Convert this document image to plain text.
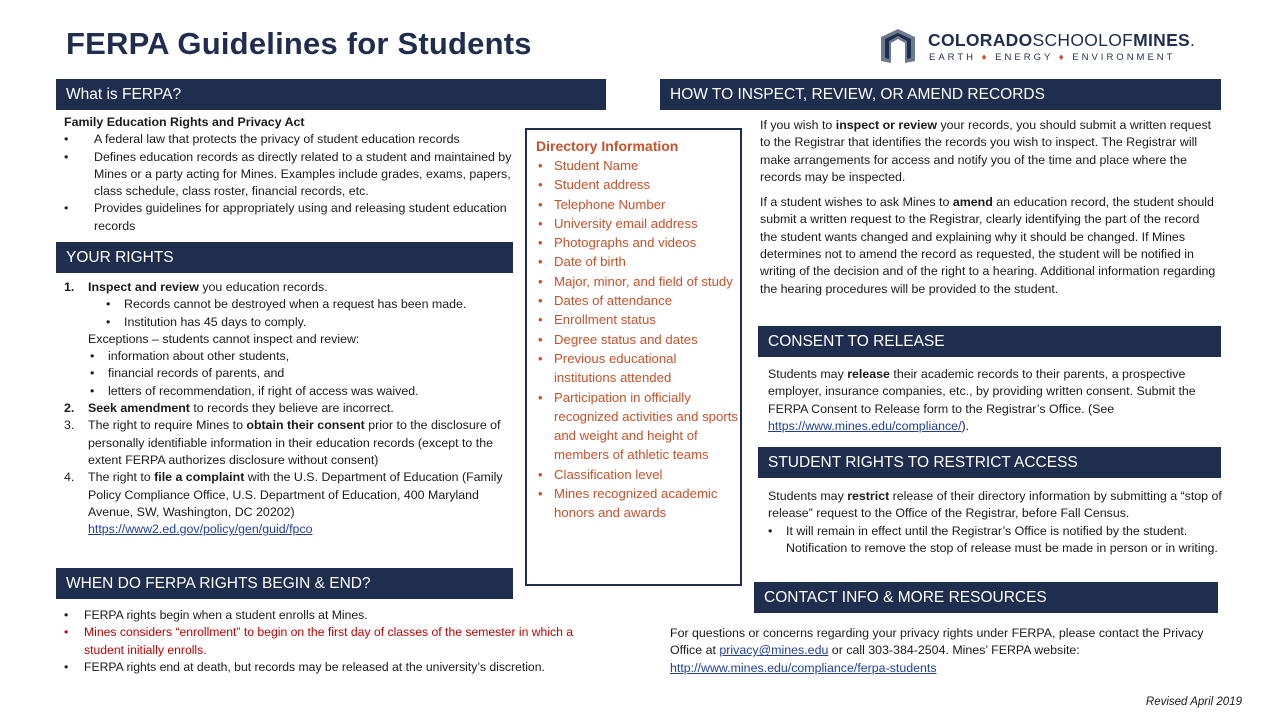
FERPA Guidelines for Students	COLORADOSCHOOLOFMINES.
EARTH ♦ ENERGY ♦ ENVIRONMENT
What is FERPA?

Family Education Rights and Privacy Act

• A federal law that protects the privacy of student education records
• Defines education records as directly related to a student and maintained by Mines or a party acting for Mines. Examples include grades, exams, papers, class schedule, class roster, financial records, etc.
• Provides guidelines for appropriately using and releasing student education records
YOUR RIGHTS
1. Inspect and review you education records.
• Records cannot be destroyed when a request has been made.
• Institution has 45 days to comply.
Exceptions – students cannot inspect and review:
• information about other students,
• financial records of parents, and
• letters of recommendation, if right of access was waived.
2. Seek amendment to records they believe are incorrect.
3. The right to require Mines to obtain their consent prior to the disclosure of personally identifiable information in their education records (except to the extent FERPA authorizes disclosure without consent)
4. The right to file a complaint with the U.S. Department of Education (Family Policy Compliance Office, U.S. Department of Education, 400 Maryland Avenue, SW, Washington, DC 20202)
https://www2.ed.gov/policy/gen/guid/fpco
WHEN DO FERPA RIGHTS BEGIN & END?
• FERPA rights begin when a student enrolls at Mines.
• Mines considers “enrollment” to begin on the first day of classes of the semester in which a student initially enrolls.
• FERPA rights end at death, but records may be released at the university’s discretion.
Directory Information
• Student Name
• Student address
• Telephone Number
• University email address
• Photographs and videos
• Date of birth
• Major, minor, and field of study
• Dates of attendance
• Enrollment status
• Degree status and dates
• Previous educational institutions attended
• Participation in officially recognized activities and sports and weight and height of members of athletic teams
• Classification level
• Mines recognized academic honors and awards
HOW TO INSPECT, REVIEW, OR AMEND RECORDS

If you wish to inspect or review your records, you should submit a written request to the Registrar that identifies the records you wish to inspect. The Registrar will make arrangements for access and notify you of the time and place where the records may be inspected.

If a student wishes to ask Mines to amend an education record, the student should submit a written request to the Registrar, clearly identifying the part of the record the student wants changed and explaining why it should be changed. If Mines determines not to amend the record as requested, the student will be notified in writing of the decision and of the right to a hearing. Additional information regarding the hearing procedures will be provided to the student.

CONSENT TO RELEASE

Students may release their academic records to their parents, a prospective employer, insurance companies, etc., by providing written consent. Submit the FERPA Consent to Release form to the Registrar’s Office. (See https://www.mines.edu/compliance/).

STUDENT RIGHTS TO RESTRICT ACCESS

Students may restrict release of their directory information by submitting a “stop of release” request to the Office of the Registrar, before Fall Census.

• It will remain in effect until the Registrar’s Office is notified by the student. Notification to remove the stop of release must be made in person or in writing.
CONTACT INFO & MORE RESOURCES

For questions or concerns regarding your privacy rights under FERPA, please contact the Privacy Office at privacy@mines.edu or call 303-384-2504. Mines’ FERPA website:
http://www.mines.edu/compliance/ferpa-students

Revised April 2019
